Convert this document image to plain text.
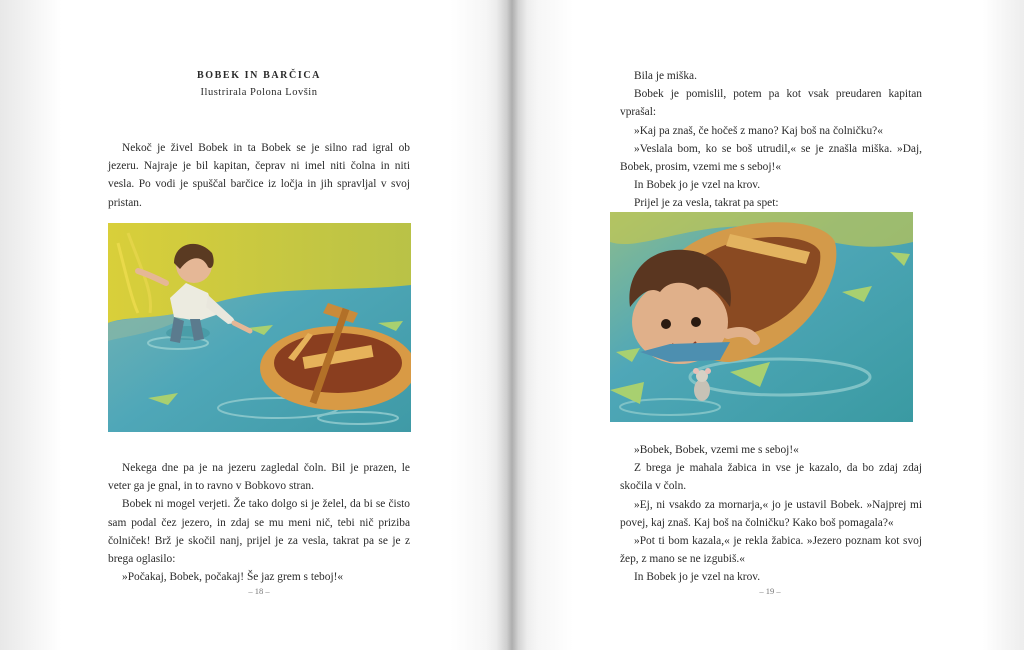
BOBEK IN BARČICA
Ilustrirala Polona Lovšin

Nekoč je živel Bobek in ta Bobek se je silno rad igral ob jezeru. Najraje je bil kapitan, čeprav ni imel niti čolna in niti vesla. Po vodi je spuščal barčice iz ločja in jih spravljal v svoj pristan.

Nekega dne pa je na jezeru zagledal čoln. Bil je prazen, le veter ga je gnal, in to ravno v Bobkovo stran.

Bobek ni mogel verjeti. Že tako dolgo si je želel, da bi se čisto sam podal čez jezero, in zdaj se mu meni nič, tebi nič priziba čolniček! Brž je skočil nanj, prijel je za vesla, takrat pa se je z brega oglasilo:

»Počakaj, Bobek, počakaj! Še jaz grem s teboj!«

– 18 –

Bila je miška.

Bobek je pomislil, potem pa kot vsak preudaren kapitan vprašal:

»Kaj pa znaš, če hočeš z mano? Kaj boš na čolničku?«

»Veslala bom, ko se boš utrudil,« se je znašla miška. »Daj, Bobek, prosim, vzemi me s seboj!«

In Bobek jo je vzel na krov.

Prijel je za vesla, takrat pa spet:

»Bobek, Bobek, vzemi me s seboj!«

Z brega je mahala žabica in vse je kazalo, da bo zdaj zdaj skočila v čoln.

»Ej, ni vsakdo za mornarja,« jo je ustavil Bobek. »Najprej mi povej, kaj znaš. Kaj boš na čolničku? Kako boš pomagala?«

»Pot ti bom kazala,« je rekla žabica. »Jezero poznam kot svoj žep, z mano se ne izgubiš.«

In Bobek jo je vzel na krov.

– 19 –
